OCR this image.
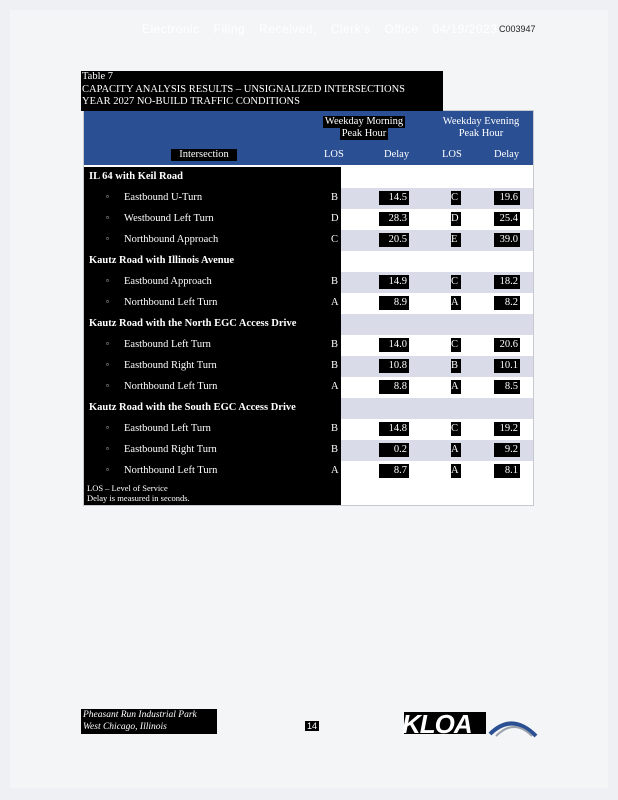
Electronic Filing Received, Clerk's Office 04/19/2023 C003947
Table 7
CAPACITY ANALYSIS RESULTS – UNSIGNALIZED INTERSECTIONS
YEAR 2027 NO-BUILD TRAFFIC CONDITIONS
Weekday Morning
Peak Hour
Weekday Evening
Peak Hour
Intersection	LOS	Delay	LOS	Delay
IL 64 with Keil Road
▫ Eastbound U-Turn	B	14.5	C	19.6
▫ Westbound Left Turn	D	28.3	D	25.4
▫ Northbound Approach	C	20.5	E	39.0
Kautz Road with Illinois Avenue
▫ Eastbound Approach	B	14.9	C	18.2
▫ Northbound Left Turn	A	8.9	A	8.2
Kautz Road with the North EGC Access Drive
▫ Eastbound Left Turn	B	14.0	C	20.6
▫ Eastbound Right Turn	B	10.8	B	10.1
▫ Northbound Left Turn	A	8.8	A	8.5
Kautz Road with the South EGC Access Drive
▫ Eastbound Left Turn	B	14.8	C	19.2
▫ Eastbound Right Turn	B	0.2	A	9.2
▫ Northbound Left Turn	A	8.7	A	8.1
LOS – Level of Service
Delay is measured in seconds.
Pheasant Run Industrial Park
West Chicago, Illinois	14	KLOA
